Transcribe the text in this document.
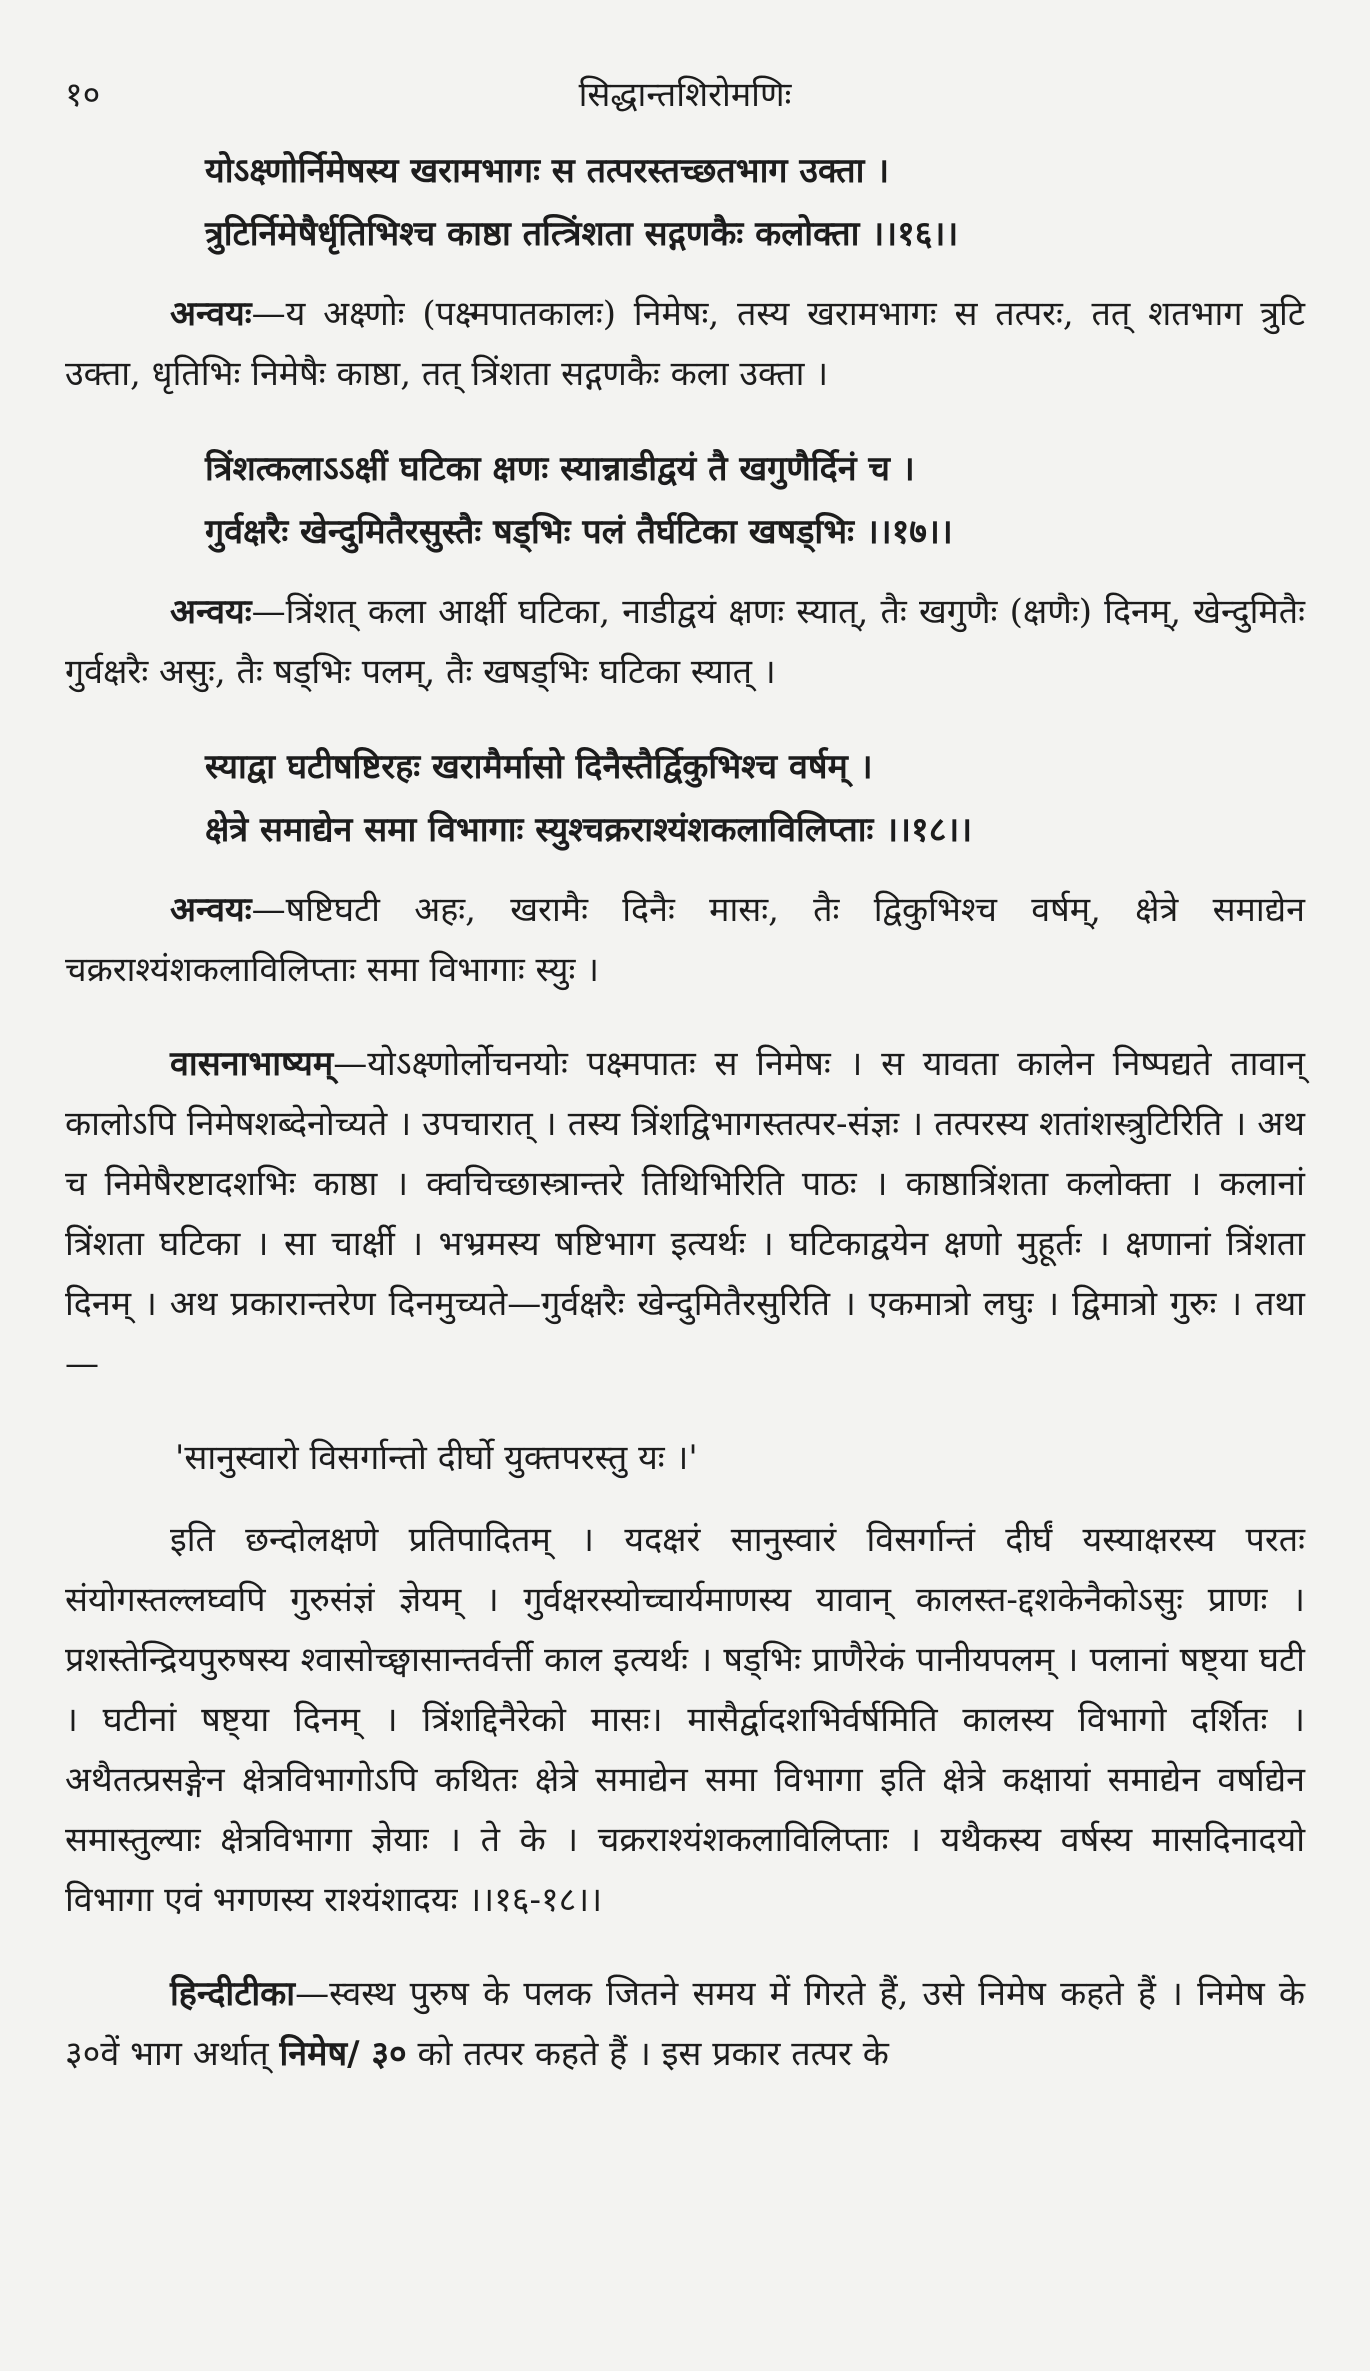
१०	सिद्धान्तशिरोमणिः
योऽक्ष्णोर्निमेषस्य खरामभागः स तत्परस्तच्छतभाग उक्ता ।
त्रुटिर्निमेषैर्धृतिभिश्च काष्ठा तत्त्रिंशता सद्गणकैः कलोक्ता ।।१६।।

अन्वयः—य अक्ष्णोः (पक्ष्मपातकालः) निमेषः, तस्य खरामभागः स तत्परः, तत् शतभाग त्रुटि उक्ता, धृतिभिः निमेषैः काष्ठा, तत् त्रिंशता सद्गणकैः कला उक्ता ।

त्रिंशत्कलाऽऽक्षीं घटिका क्षणः स्यान्नाडीद्वयं तै खगुणैर्दिनं च ।
गुर्वक्षरैः खेन्दुमितैरसुस्तैः षड्भिः पलं तैर्घटिका खषड्भिः ।।१७।।

अन्वयः—त्रिंशत् कला आर्क्षी घटिका, नाडीद्वयं क्षणः स्यात्, तैः खगुणैः (क्षणैः) दिनम्, खेन्दुमितैः गुर्वक्षरैः असुः, तैः षड्भिः पलम्, तैः खषड्भिः घटिका स्यात् ।

स्याद्वा घटीषष्टिरहः खरामैर्मासो दिनैस्तैर्द्विकुभिश्च वर्षम् ।
क्षेत्रे समाद्येन समा विभागाः स्युश्चक्रराश्यंशकलाविलिप्ताः ।।१८।।

अन्वयः—षष्टिघटी अहः, खरामैः दिनैः मासः, तैः द्विकुभिश्च वर्षम्, क्षेत्रे समाद्येन चक्रराश्यंशकलाविलिप्ताः समा विभागाः स्युः ।

वासनाभाष्यम्—योऽक्ष्णोर्लोचनयोः पक्ष्मपातः स निमेषः । स यावता कालेन निष्पद्यते तावान् कालोऽपि निमेषशब्देनोच्यते । उपचारात् । तस्य त्रिंशद्विभागस्तत्पर-संज्ञः । तत्परस्य शतांशस्त्रुटिरिति । अथ च निमेषैरष्टादशभिः काष्ठा । क्वचिच्छास्त्रान्तरे तिथिभिरिति पाठः । काष्ठात्रिंशता कलोक्ता । कलानां त्रिंशता घटिका । सा चार्क्षी । भभ्रमस्य षष्टिभाग इत्यर्थः । घटिकाद्वयेन क्षणो मुहूर्तः । क्षणानां त्रिंशता दिनम् । अथ प्रकारान्तरेण दिनमुच्यते—गुर्वक्षरैः खेन्दुमितैरसुरिति । एकमात्रो लघुः । द्विमात्रो गुरुः । तथा—

'सानुस्वारो विसर्गान्तो दीर्घो युक्तपरस्तु यः ।'

इति छन्दोलक्षणे प्रतिपादितम् । यदक्षरं सानुस्वारं विसर्गान्तं दीर्घं यस्याक्षरस्य परतः संयोगस्तल्लघ्वपि गुरुसंज्ञं ज्ञेयम् । गुर्वक्षरस्योच्चार्यमाणस्य यावान् कालस्त-द्दशकेनैकोऽसुः प्राणः । प्रशस्तेन्द्रियपुरुषस्य श्वासोच्छ्वासान्तर्वर्त्ती काल इत्यर्थः । षड्भिः प्राणैरेकं पानीयपलम् । पलानां षष्ट्या घटी । घटीनां षष्ट्या दिनम् । त्रिंशद्दिनैरेको मासः। मासैर्द्वादशभिर्वर्षमिति कालस्य विभागो दर्शितः । अथैतत्प्रसङ्गेन क्षेत्रविभागोऽपि कथितः क्षेत्रे समाद्येन समा विभागा इति क्षेत्रे कक्षायां समाद्येन वर्षाद्येन समास्तुल्याः क्षेत्रविभागा ज्ञेयाः । ते के । चक्रराश्यंशकलाविलिप्ताः । यथैकस्य वर्षस्य मासदिनादयो विभागा एवं भगणस्य राश्यंशादयः ।।१६-१८।।

हिन्दीटीका—स्वस्थ पुरुष के पलक जितने समय में गिरते हैं, उसे निमेष कहते हैं । निमेष के ३०वें भाग अर्थात् निमेष/ ३० को तत्पर कहते हैं । इस प्रकार तत्पर के
